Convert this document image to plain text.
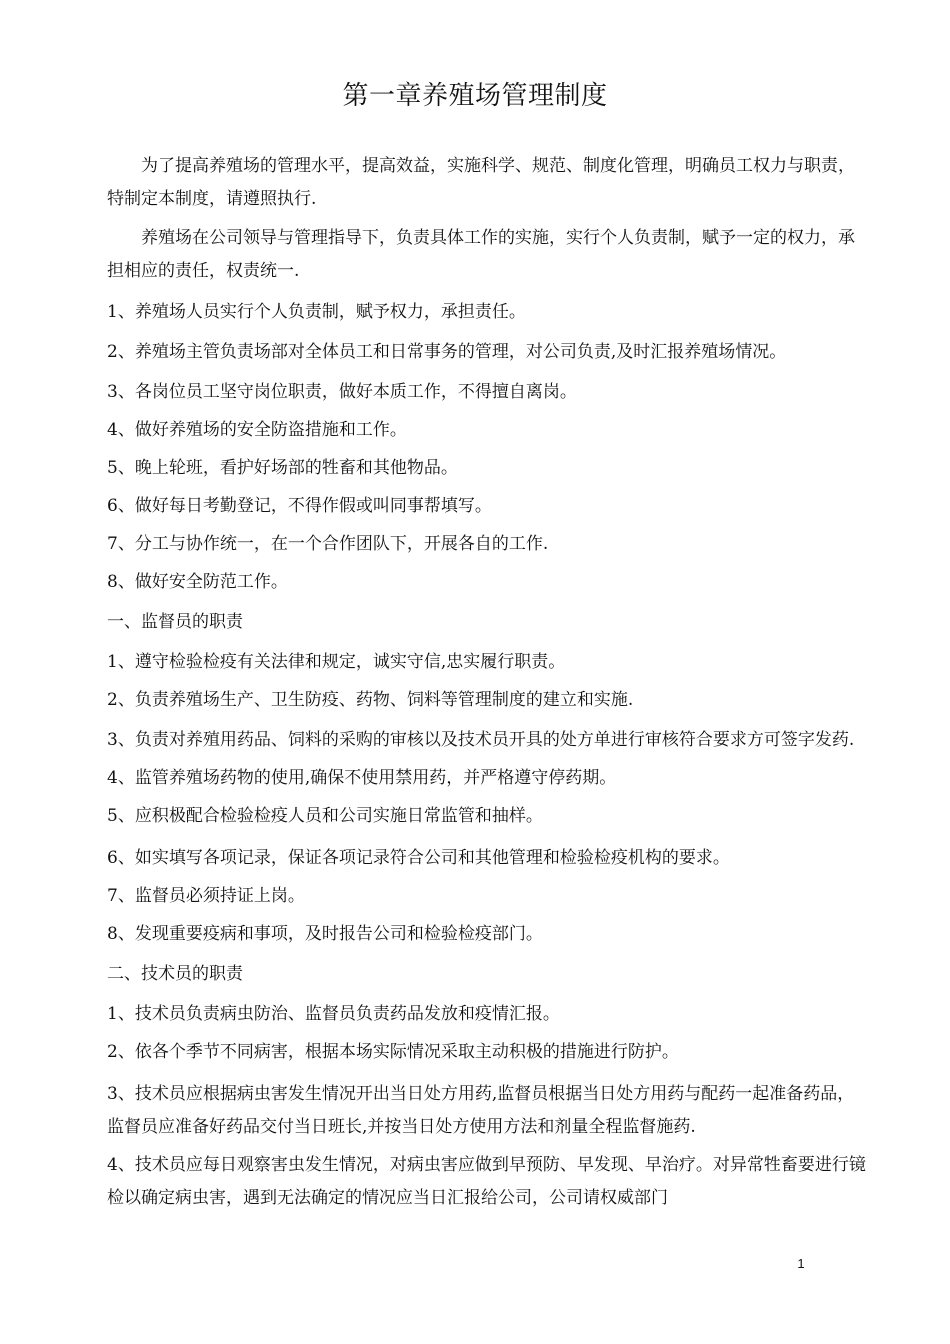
第一章养殖场管理制度

为了提高养殖场的管理水平，提高效益，实施科学、规范、制度化管理，明确员工权力与职责，特制定本制度，请遵照执行.

养殖场在公司领导与管理指导下，负责具体工作的实施，实行个人负责制，赋予一定的权力，承担相应的责任，权责统一.

1、养殖场人员实行个人负责制，赋予权力，承担责任。

2、养殖场主管负责场部对全体员工和日常事务的管理，对公司负责,及时汇报养殖场情况。

3、各岗位员工坚守岗位职责，做好本质工作，不得擅自离岗。

4、做好养殖场的安全防盗措施和工作。

5、晚上轮班，看护好场部的牲畜和其他物品。

6、做好每日考勤登记，不得作假或叫同事帮填写。

7、分工与协作统一，在一个合作团队下，开展各自的工作.

8、做好安全防范工作。

一、监督员的职责

1、遵守检验检疫有关法律和规定，诚实守信,忠实履行职责。

2、负责养殖场生产、卫生防疫、药物、饲料等管理制度的建立和实施.

3、负责对养殖用药品、饲料的采购的审核以及技术员开具的处方单进行审核符合要求方可签字发药.

4、监管养殖场药物的使用,确保不使用禁用药，并严格遵守停药期。

5、应积极配合检验检疫人员和公司实施日常监管和抽样。

6、如实填写各项记录，保证各项记录符合公司和其他管理和检验检疫机构的要求。

7、监督员必须持证上岗。

8、发现重要疫病和事项，及时报告公司和检验检疫部门。

二、技术员的职责

1、技术员负责病虫防治、监督员负责药品发放和疫情汇报。

2、依各个季节不同病害，根据本场实际情况采取主动积极的措施进行防护。

3、技术员应根据病虫害发生情况开出当日处方用药,监督员根据当日处方用药与配药一起准备药品，监督员应准备好药品交付当日班长,并按当日处方使用方法和剂量全程监督施药.

4、技术员应每日观察害虫发生情况，对病虫害应做到早预防、早发现、早治疗。对异常牲畜要进行镜检以确定病虫害，遇到无法确定的情况应当日汇报给公司，公司请权威部门

1
